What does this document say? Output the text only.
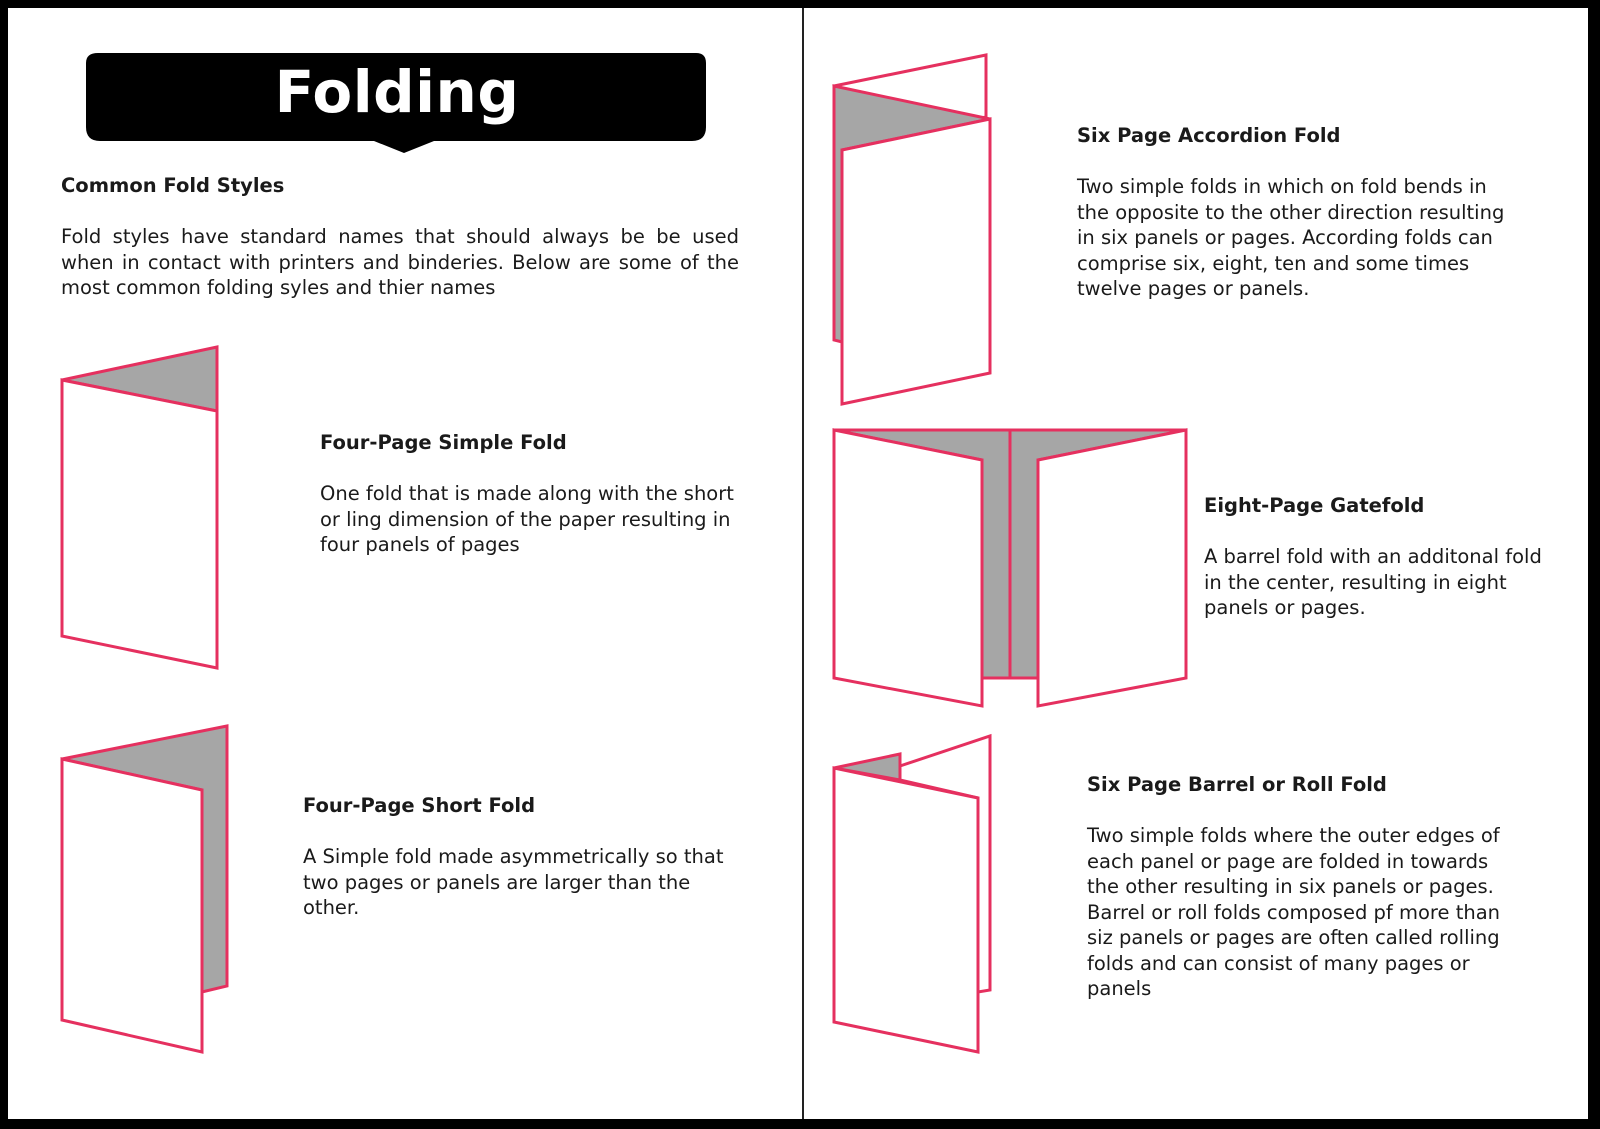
Folding
Common Fold Styles
Fold styles have standard names that should always be be used when in contact with printers and binderies. Below are some of the most common folding syles and thier names
Four-Page Simple Fold
One fold that is made along with the short
or ling dimension of the paper resulting in
four panels of pages
Four-Page Short Fold
A Simple fold made asymmetrically so that
two pages or panels are larger than the
other.
Six Page Accordion Fold
Two simple folds in which on fold bends in
the opposite to the other direction resulting
in six panels or pages. According folds can
comprise six, eight, ten and some times
twelve pages or panels.
Eight-Page Gatefold
A barrel fold with an additonal fold
in the center, resulting in eight
panels or pages.
Six Page Barrel or Roll Fold
Two simple folds where the outer edges of
each panel or page are folded in towards
the other resulting in six panels or pages.
Barrel or roll folds composed pf more than
siz panels or pages are often called rolling
folds and can consist of many pages or
panels
